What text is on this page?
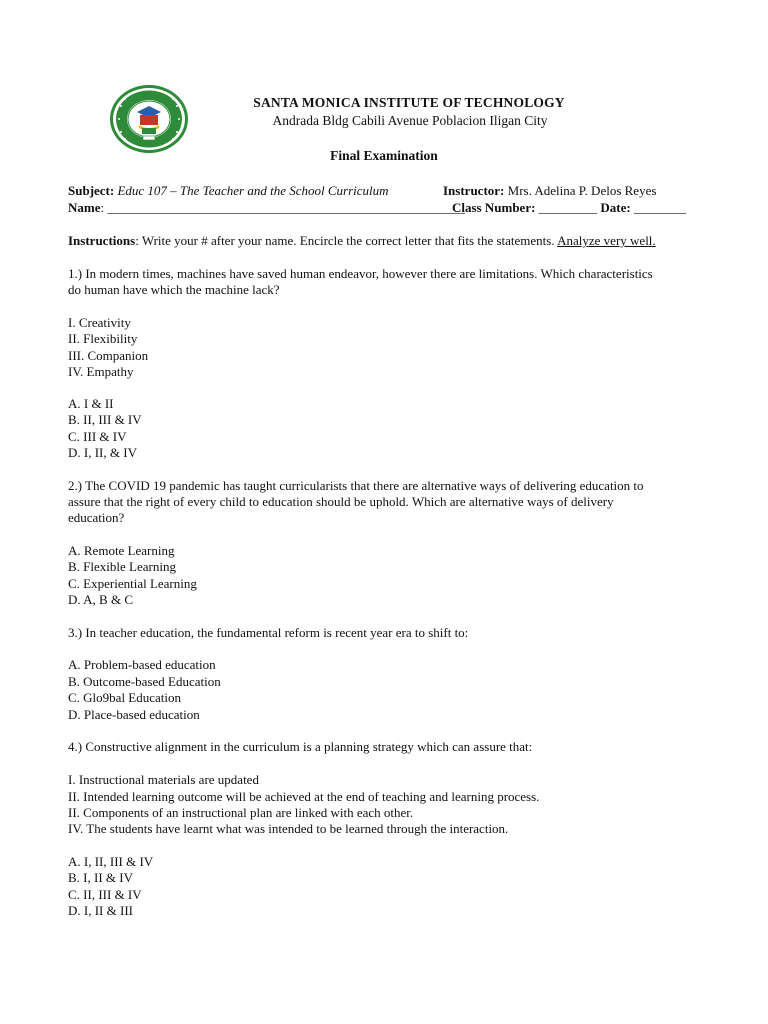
SANTA MONICA INSTITUTE OF TECHNOLOGY
Andrada Bldg Cabili Avenue Poblacion Iligan City
Final Examination
Subject: Educ 107 – The Teacher and the School Curriculum	Instructor: Mrs. Adelina P. Delos Reyes
Name: _______________________________________________________
Class Number: _________ Date: ________
Instructions: Write your # after your name. Encircle the correct letter that fits the statements. Analyze very well.
1.) In modern times, machines have saved human endeavor, however there are limitations. Which characteristics
do human have which the machine lack?
I. Creativity
II. Flexibility
III. Companion
IV. Empathy
A. I & II
B. II, III & IV
C. III & IV
D. I, II, & IV
2.) The COVID 19 pandemic has taught curricularists that there are alternative ways of delivering education to
assure that the right of every child to education should be uphold. Which are alternative ways of delivery
education?
A. Remote Learning
B. Flexible Learning
C. Experiential Learning
D. A, B & C
3.) In teacher education, the fundamental reform is recent year era to shift to:
A. Problem-based education
B. Outcome-based Education
C. Glo9bal Education
D. Place-based education
4.) Constructive alignment in the curriculum is a planning strategy which can assure that:
I. Instructional materials are updated
II. Intended learning outcome will be achieved at the end of teaching and learning process.
II. Components of an instructional plan are linked with each other.
IV. The students have learnt what was intended to be learned through the interaction.
A. I, II, III & IV
B. I, II & IV
C. II, III & IV
D. I, II & III
